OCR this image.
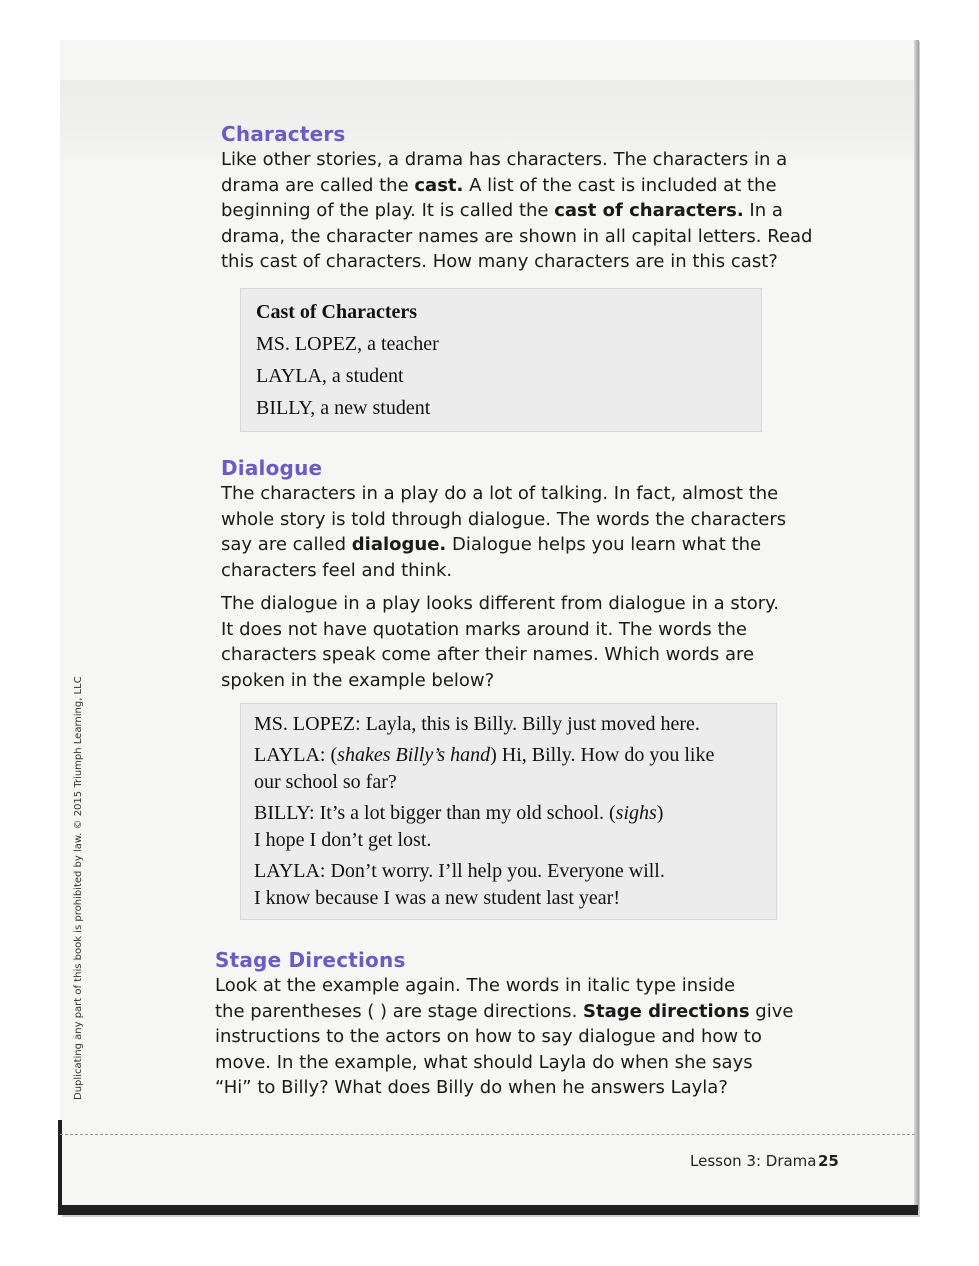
Duplicating any part of this book is prohibited by law. © 2015 Triumph Learning, LLC
Characters
Like other stories, a drama has characters. The characters in a
drama are called the cast. A list of the cast is included at the
beginning of the play. It is called the cast of characters. In a
drama, the character names are shown in all capital letters. Read
this cast of characters. How many characters are in this cast?
Cast of Characters
MS. LOPEZ, a teacher
LAYLA, a student
BILLY, a new student
Dialogue
The characters in a play do a lot of talking. In fact, almost the
whole story is told through dialogue. The words the characters
say are called dialogue. Dialogue helps you learn what the
characters feel and think.
The dialogue in a play looks different from dialogue in a story.
It does not have quotation marks around it. The words the
characters speak come after their names. Which words are
spoken in the example below?
MS. LOPEZ: Layla, this is Billy. Billy just moved here.
LAYLA: (shakes Billy’s hand) Hi, Billy. How do you like
our school so far?
BILLY: It’s a lot bigger than my old school. (sighs)
I hope I don’t get lost.
LAYLA: Don’t worry. I’ll help you. Everyone will.
I know because I was a new student last year!
Stage Directions
Look at the example again. The words in italic type inside
the parentheses ( ) are stage directions. Stage directions give
instructions to the actors on how to say dialogue and how to
move. In the example, what should Layla do when she says
“Hi” to Billy? What does Billy do when he answers Layla?
Lesson 3: Drama 25
